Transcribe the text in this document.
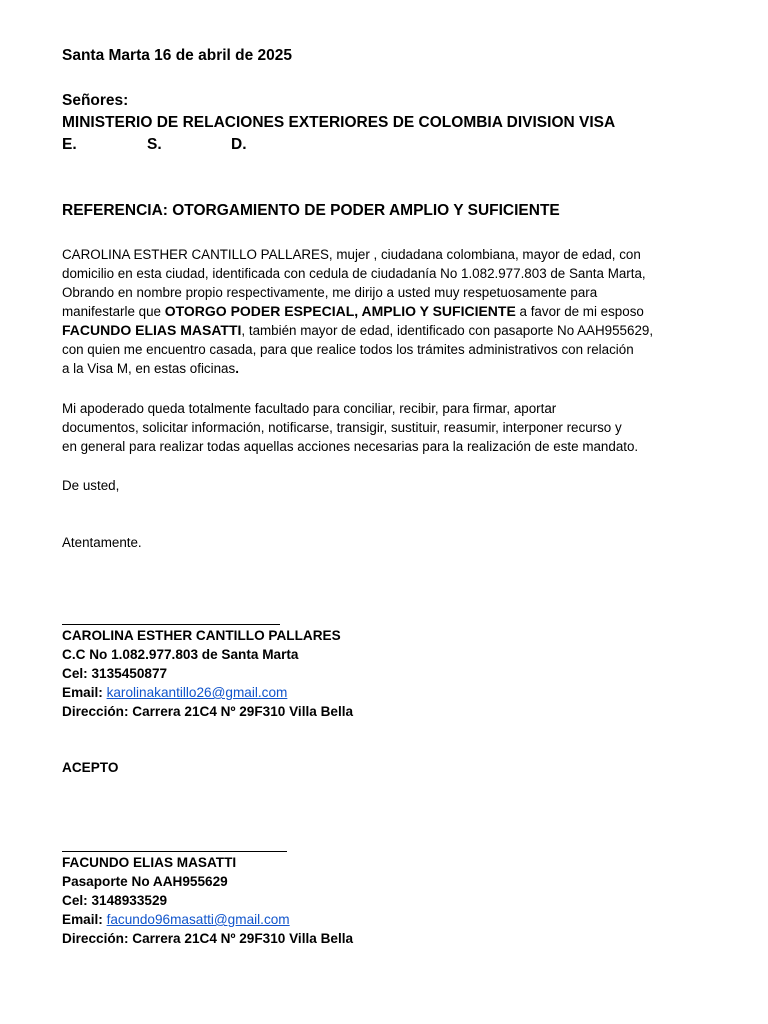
Santa Marta 16 de abril de 2025
Señores:
MINISTERIO DE RELACIONES EXTERIORES DE COLOMBIA DIVISION VISA
E.	S.	D.
REFERENCIA: OTORGAMIENTO DE PODER AMPLIO Y SUFICIENTE
CAROLINA ESTHER CANTILLO PALLARES, mujer , ciudadana colombiana, mayor de edad, con
domicilio en esta ciudad, identificada con cedula de ciudadanía No 1.082.977.803 de Santa Marta,
Obrando en nombre propio respectivamente, me dirijo a usted muy respetuosamente para
manifestarle que OTORGO PODER ESPECIAL, AMPLIO Y SUFICIENTE a favor de mi esposo
FACUNDO ELIAS MASATTI, también mayor de edad, identificado con pasaporte No AAH955629,
con quien me encuentro casada, para que realice todos los trámites administrativos con relación
a la Visa M, en estas oficinas.
Mi apoderado queda totalmente facultado para conciliar, recibir, para firmar, aportar
documentos, solicitar información, notificarse, transigir, sustituir, reasumir, interponer recurso y
en general para realizar todas aquellas acciones necesarias para la realización de este mandato.
De usted,
Atentamente.
CAROLINA ESTHER CANTILLO PALLARES
C.C No 1.082.977.803 de Santa Marta
Cel: 3135450877
Email: karolinakantillo26@gmail.com
Dirección: Carrera 21C4 Nº 29F310 Villa Bella
ACEPTO
FACUNDO ELIAS MASATTI
Pasaporte No AAH955629
Cel: 3148933529
Email: facundo96masatti@gmail.com
Dirección: Carrera 21C4 Nº 29F310 Villa Bella
